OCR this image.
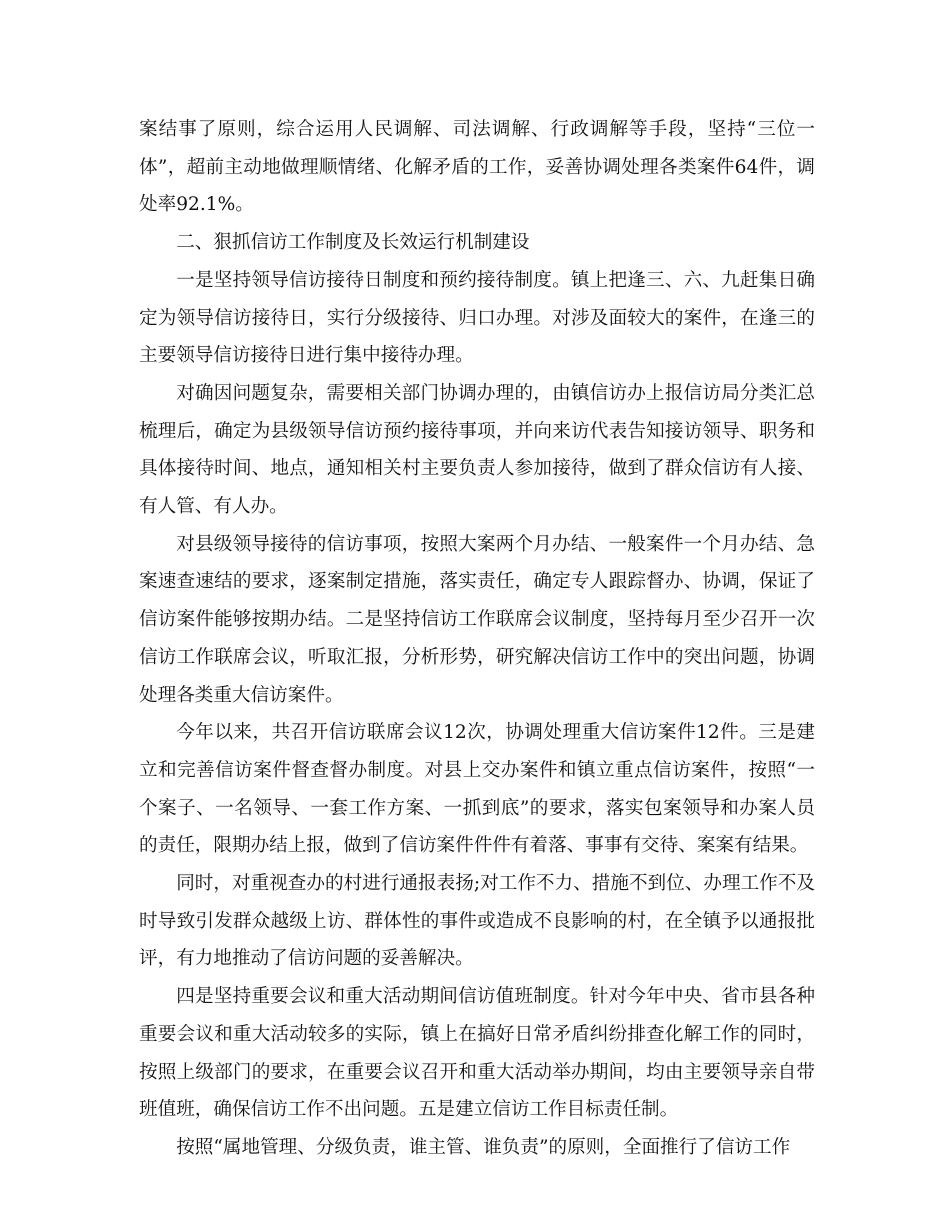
案结事了原则，综合运用人民调解、司法调解、行政调解等手段，坚持“三位一体”，超前主动地做理顺情绪、化解矛盾的工作，妥善协调处理各类案件64件，调处率92.1%。

二、狠抓信访工作制度及长效运行机制建设

一是坚持领导信访接待日制度和预约接待制度。镇上把逢三、六、九赶集日确定为领导信访接待日，实行分级接待、归口办理。对涉及面较大的案件，在逢三的主要领导信访接待日进行集中接待办理。

对确因问题复杂，需要相关部门协调办理的，由镇信访办上报信访局分类汇总梳理后，确定为县级领导信访预约接待事项，并向来访代表告知接访领导、职务和具体接待时间、地点，通知相关村主要负责人参加接待，做到了群众信访有人接、有人管、有人办。

对县级领导接待的信访事项，按照大案两个月办结、一般案件一个月办结、急案速查速结的要求，逐案制定措施，落实责任，确定专人跟踪督办、协调，保证了信访案件能够按期办结。二是坚持信访工作联席会议制度，坚持每月至少召开一次信访工作联席会议，听取汇报，分析形势，研究解决信访工作中的突出问题，协调处理各类重大信访案件。

今年以来，共召开信访联席会议12次，协调处理重大信访案件12件。三是建立和完善信访案件督查督办制度。对县上交办案件和镇立重点信访案件，按照“一个案子、一名领导、一套工作方案、一抓到底”的要求，落实包案领导和办案人员的责任，限期办结上报，做到了信访案件件件有着落、事事有交待、案案有结果。

同时，对重视查办的村进行通报表扬;对工作不力、措施不到位、办理工作不及时导致引发群众越级上访、群体性的事件或造成不良影响的村，在全镇予以通报批评，有力地推动了信访问题的妥善解决。

四是坚持重要会议和重大活动期间信访值班制度。针对今年中央、省市县各种重要会议和重大活动较多的实际，镇上在搞好日常矛盾纠纷排查化解工作的同时，按照上级部门的要求，在重要会议召开和重大活动举办期间，均由主要领导亲自带班值班，确保信访工作不出问题。五是建立信访工作目标责任制。

按照“属地管理、分级负责，谁主管、谁负责”的原则，全面推行了信访工作
